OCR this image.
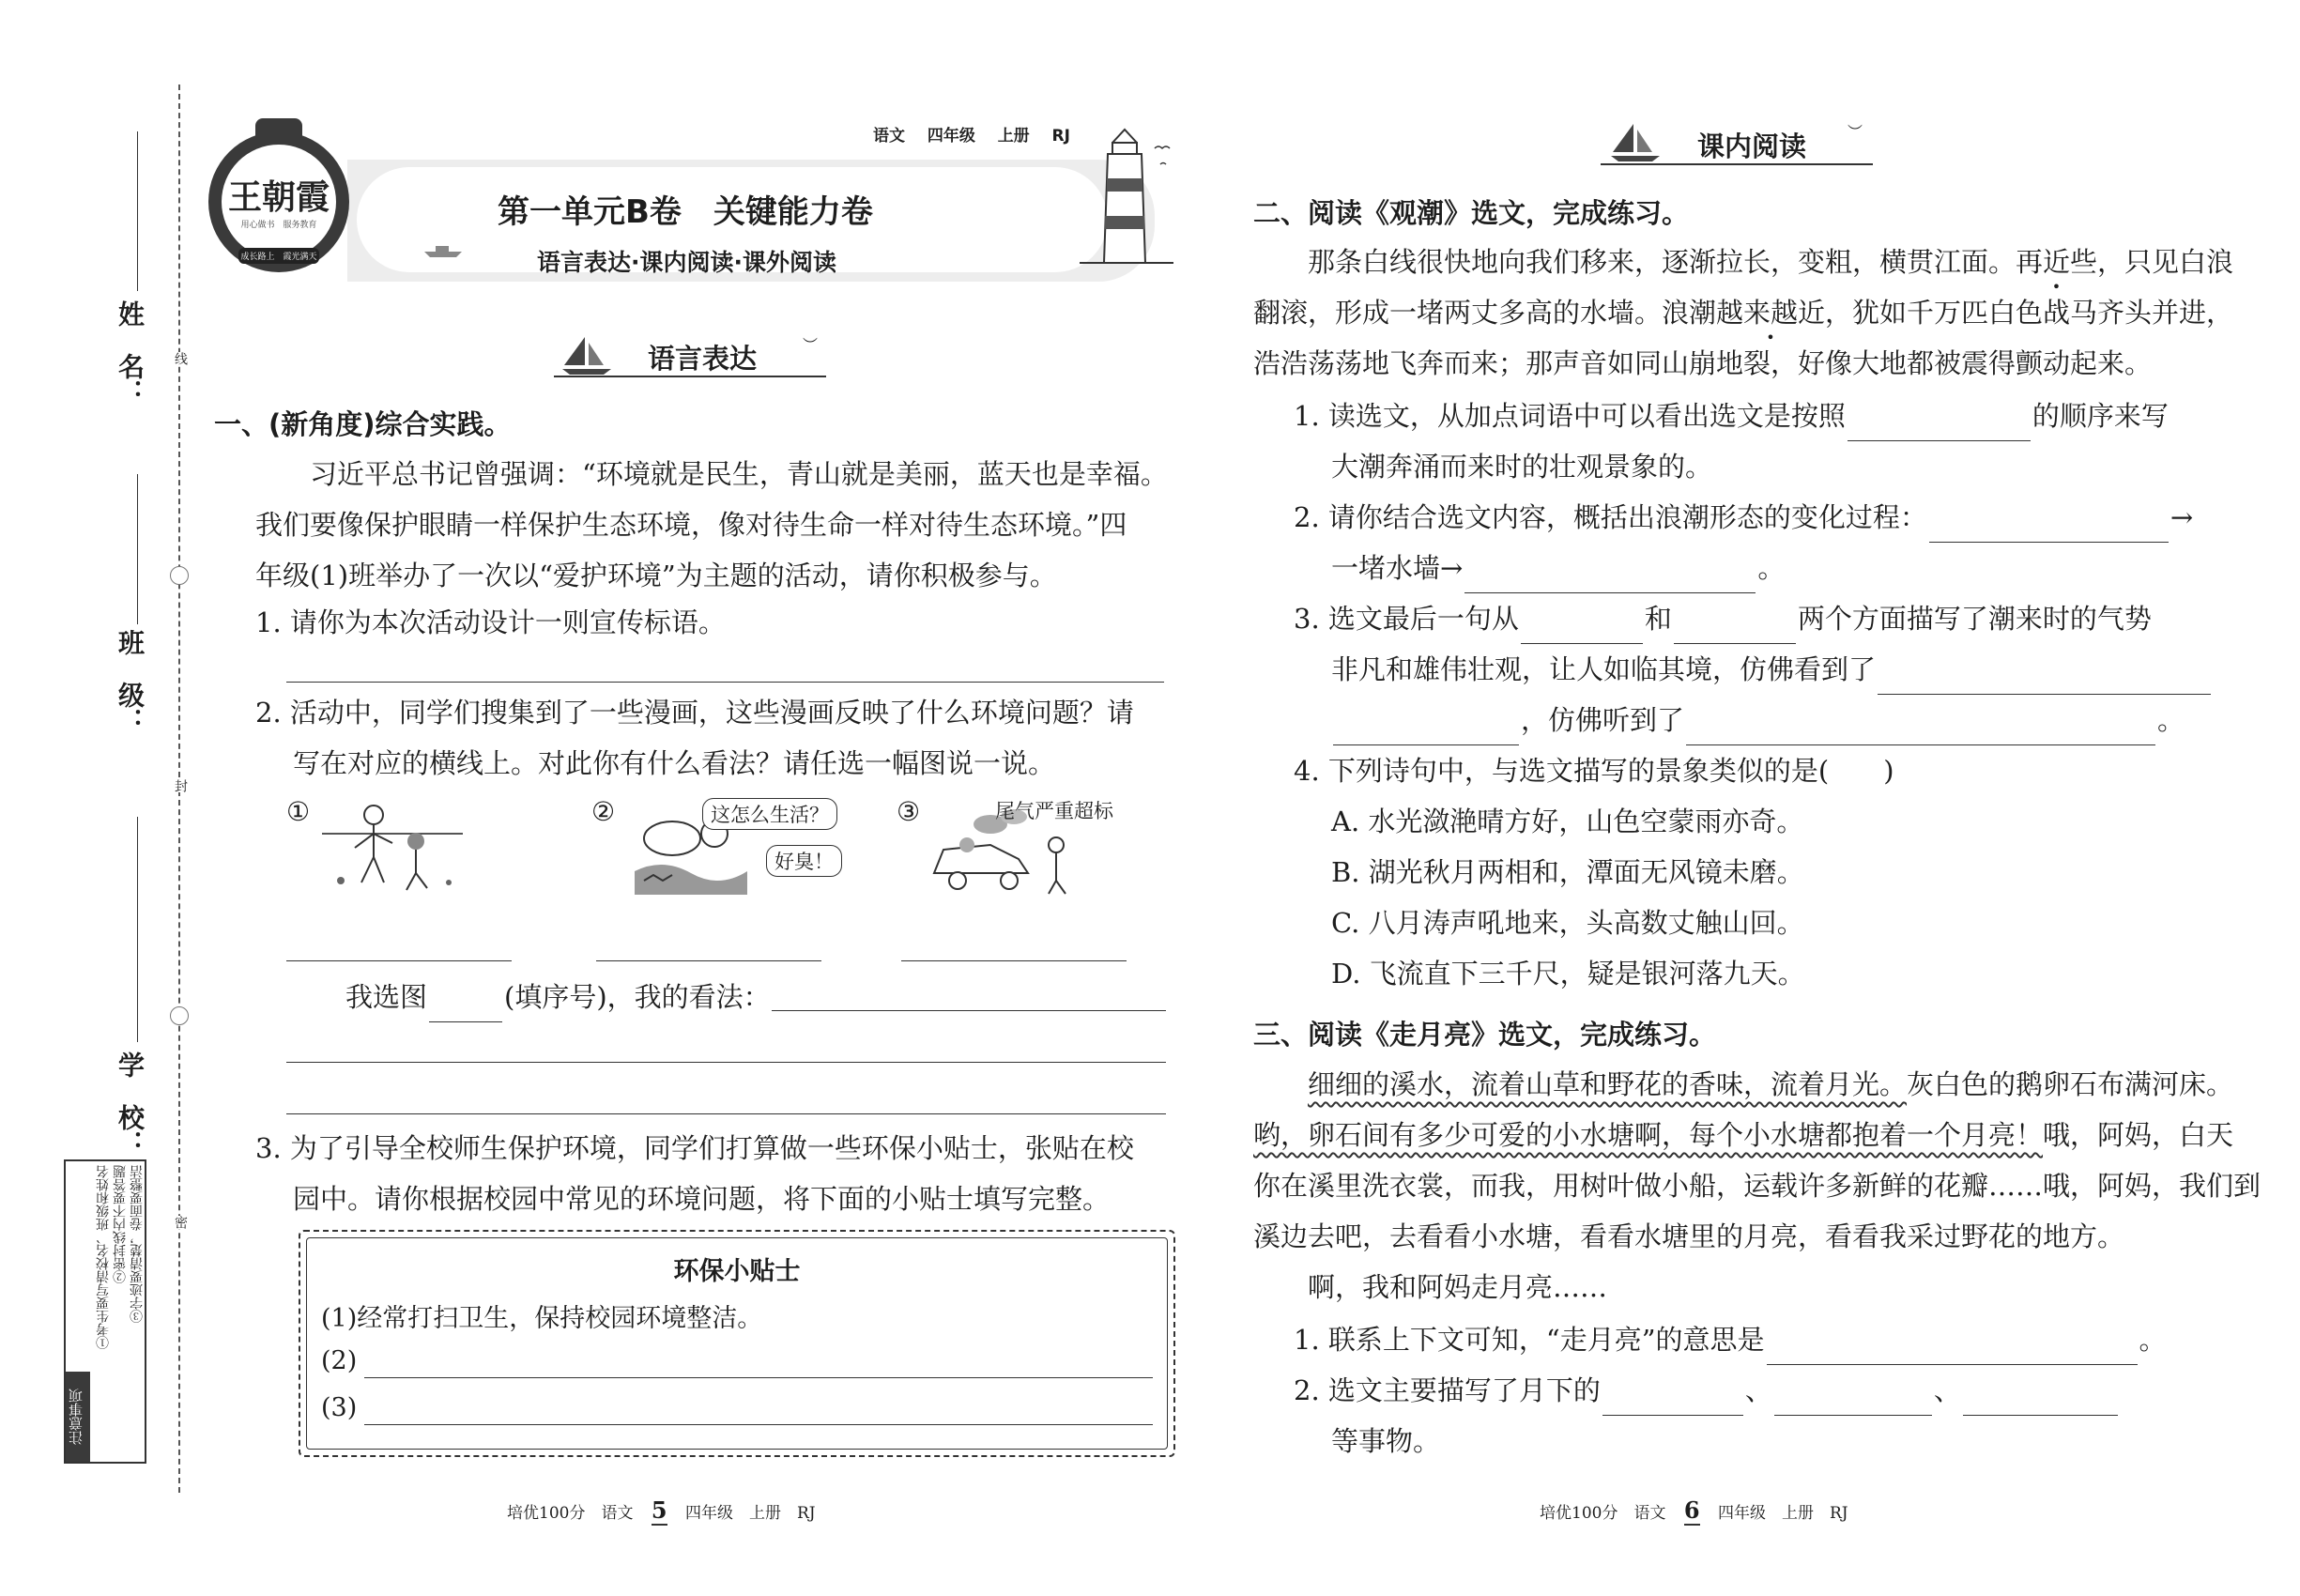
线
封
密
姓　名：
班　级：
学　校：
注意事项
①考生要写清校名、班级和姓名 ②密封线内不要答题 ③字迹要清楚，卷面要整洁
王朝霞
用心做书　服务教育
成长路上　霞光满天
语文 四年级 上册 RJ
第一单元B卷　关键能力卷
语言表达·课内阅读·课外阅读
语言表达	︶
一、(新角度)综合实践。
习近平总书记曾强调：“环境就是民生，青山就是美丽，蓝天也是幸福。
我们要像保护眼睛一样保护生态环境，像对待生命一样对待生态环境。”四
年级(1)班举办了一次以“爱护环境”为主题的活动，请你积极参与。
1. 请你为本次活动设计一则宣传标语。
2. 活动中，同学们搜集到了一些漫画，这些漫画反映了什么环境问题？请
写在对应的横线上。对此你有什么看法？请任选一幅图说一说。
①	②	这怎么生活？
好臭！
③	尾气严重超标
我选图	(填序号)，我的看法：
3. 为了引导全校师生保护环境，同学们打算做一些环保小贴士，张贴在校
园中。请你根据校园中常见的环境问题，将下面的小贴士填写完整。
环保小贴士
(1)经常打扫卫生，保持校园环境整洁。
(2)
(3)
培优100分　语文 5 四年级　上册　RJ
课内阅读	︶
二、阅读《观潮》选文，完成练习。
那条白线很快地向我们移来，逐渐拉长，变粗，横贯江面。再近些，只见白浪
翻滚，形成一堵两丈多高的水墙。浪潮越来越近，犹如千万匹白色战马齐头并进，
浩浩荡荡地飞奔而来；那声音如同山崩地裂，好像大地都被震得颤动起来。
1. 读选文，从加点词语中可以看出选文是按照	的顺序来写
大潮奔涌而来时的壮观景象的。
2. 请你结合选文内容，概括出浪潮形态的变化过程：	→
一堵水墙→	。
3. 选文最后一句从	和	两个方面描写了潮来时的气势
非凡和雄伟壮观，让人如临其境，仿佛看到了
，仿佛听到了	。
4. 下列诗句中，与选文描写的景象类似的是(　　)
A. 水光潋滟晴方好，山色空蒙雨亦奇。
B. 湖光秋月两相和，潭面无风镜未磨。
C. 八月涛声吼地来，头高数丈触山回。
D. 飞流直下三千尺，疑是银河落九天。
三、阅读《走月亮》选文，完成练习。
细细的溪水，流着山草和野花的香味，流着月光。灰白色的鹅卵石布满河床。
哟，卵石间有多少可爱的小水塘啊，每个小水塘都抱着一个月亮！哦，阿妈，白天
你在溪里洗衣裳，而我，用树叶做小船，运载许多新鲜的花瓣……哦，阿妈，我们到
溪边去吧，去看看小水塘，看看水塘里的月亮，看看我采过野花的地方。
啊，我和阿妈走月亮……
1. 联系上下文可知，“走月亮”的意思是	。
2. 选文主要描写了月下的	、	、
等事物。
培优100分　语文 6 四年级　上册　RJ
